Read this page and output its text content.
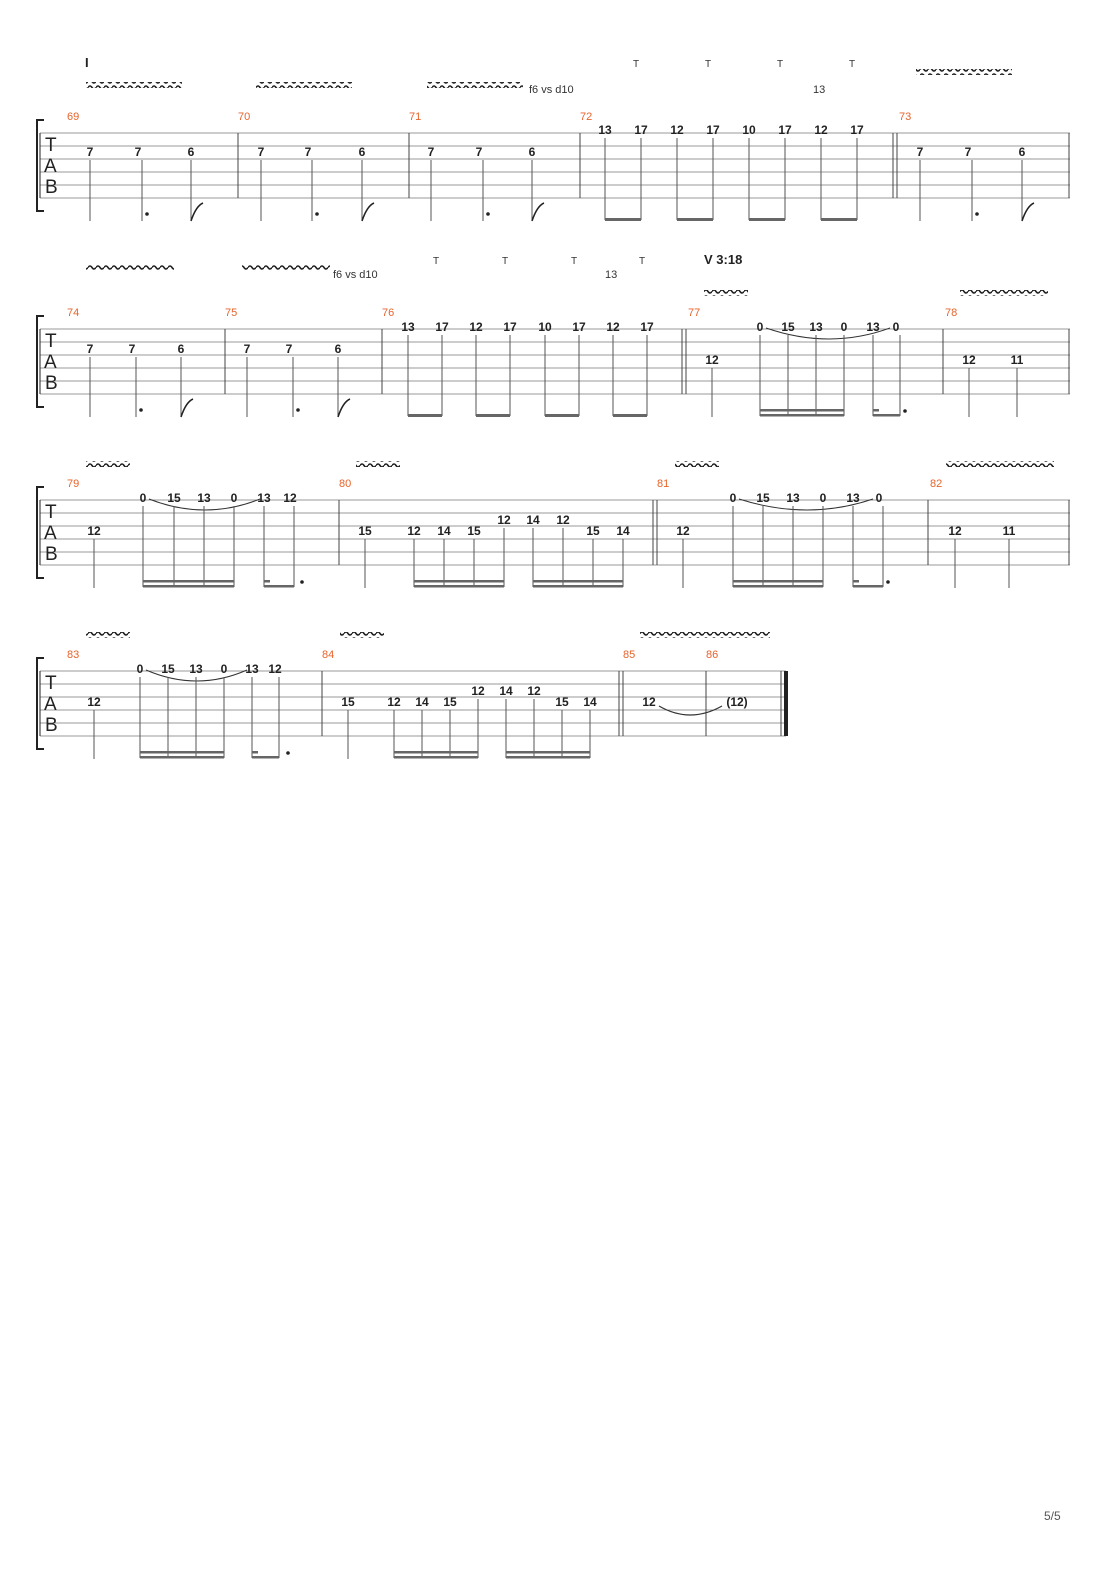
T
A
B
I
f6 vs d10
T	T	T	T
13
69	70	71	72	73
7	7	6	7	7	6	7	7	6
13 17 12 17 10 17 12 17
7	7	6
T
A
B
f6 vs d10
T	T	T	T
13
V 3:18
74	75	76	77	78
7	7	6	7	7	6
13 17 12 17 10 17 12 17
12
0 15 13 0 13 0
12	11
T
A
B
79	80	81	82
12
0 15 13 0 13 12
15	12 14 15
12 14 12
15 14	12
0 15 13 0 13 0
12	11
T
A
B
83	84	85	86
12
0 15 13 0 13 12
15	12 14 15
12 14 12
15 14	12	(12)
5/5
